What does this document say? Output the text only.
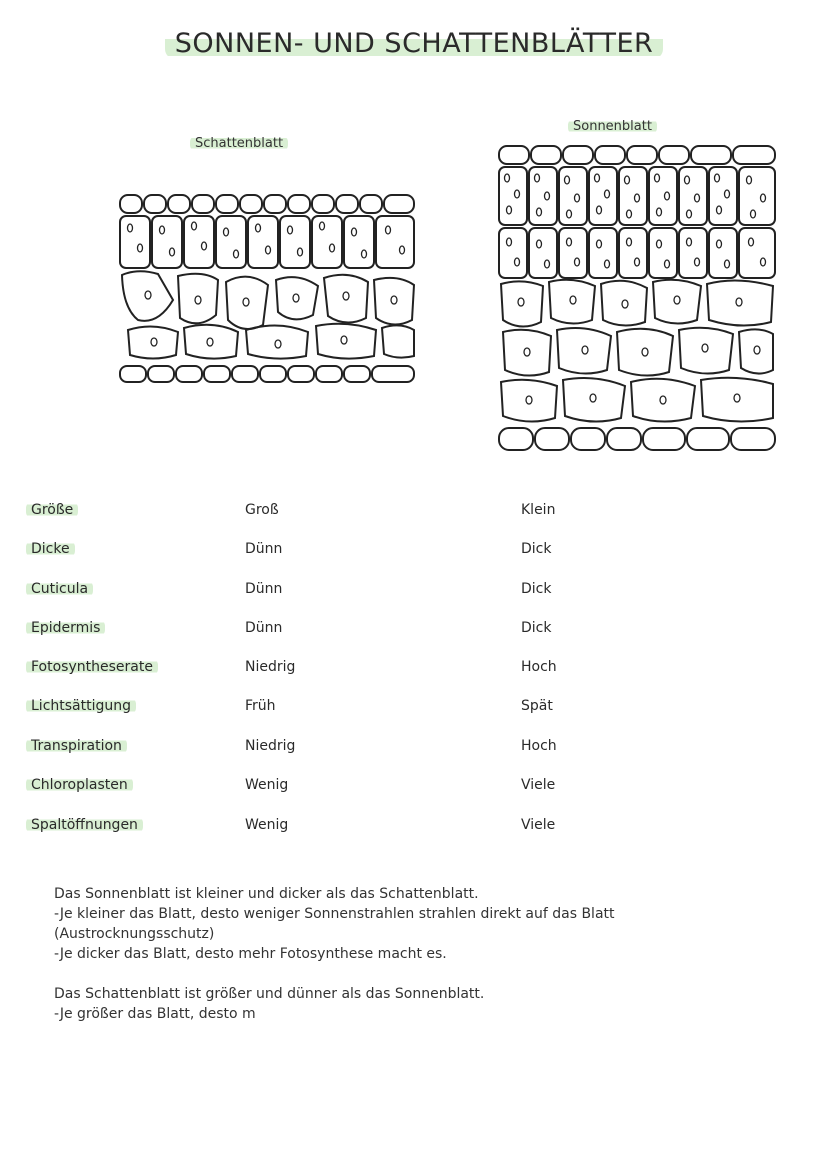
SONNEN- UND SCHATTENBLÄTTER
Schattenblatt
Sonnenblatt
Größe	Groß	Klein
Dicke	Dünn	Dick
Cuticula	Dünn	Dick
Epidermis	Dünn	Dick
Fotosyntheserate	Niedrig	Hoch
Lichtsättigung	Früh	Spät
Transpiration	Niedrig	Hoch
Chloroplasten	Wenig	Viele
Spaltöffnungen	Wenig	Viele

Das Sonnenblatt ist kleiner und dicker als das Schattenblatt.

-Je kleiner das Blatt, desto weniger Sonnenstrahlen strahlen direkt auf das Blatt

(Austrocknungsschutz)

-Je dicker das Blatt, desto mehr Fotosynthese macht es.

Das Schattenblatt ist größer und dünner als das Sonnenblatt.

-Je größer das Blatt, desto m
